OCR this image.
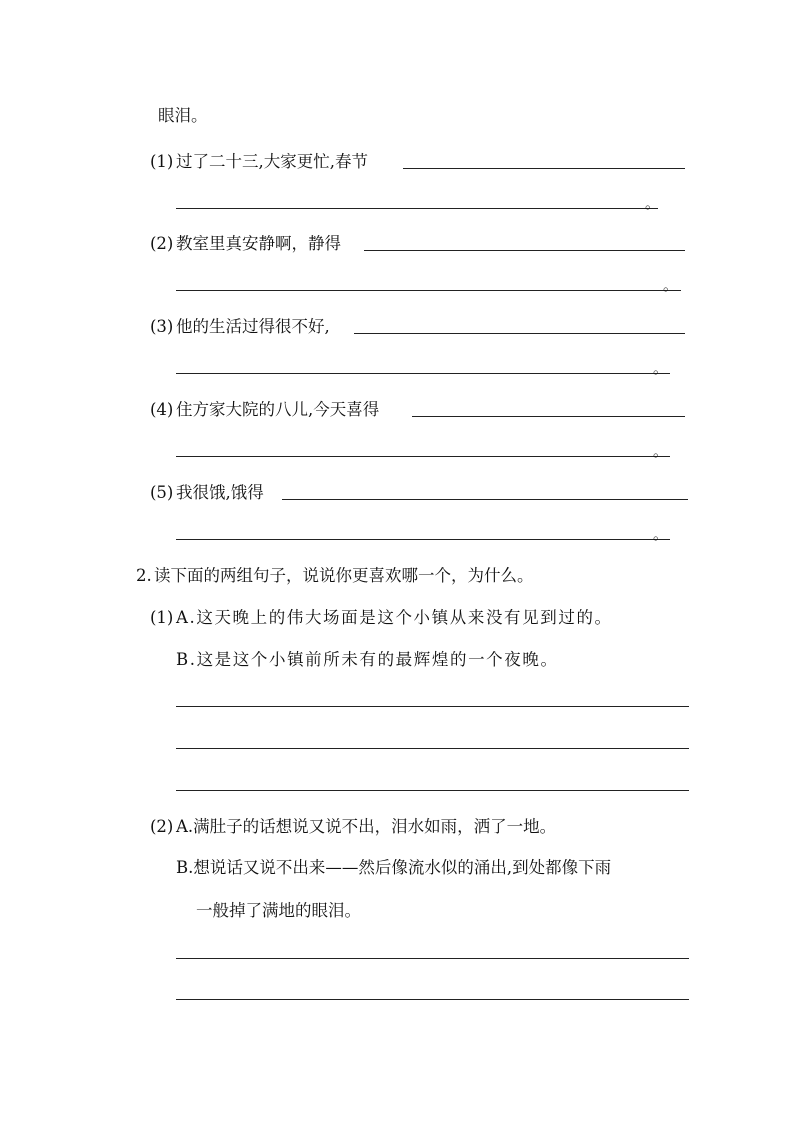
眼泪。

(1) 过了二十三,大家更忙,春节

。

(2) 教室里真安静啊，静得

。

(3) 他的生活过得很不好,

。

(4) 住方家大院的八儿,今天喜得

。

(5) 我很饿,饿得

。

2. 读下面的两组句子，说说你更喜欢哪一个，为什么。

(1) A.这天晚上的伟大场面是这个小镇从来没有见到过的。

B.这是这个小镇前所未有的最辉煌的一个夜晚。

(2) A.满肚子的话想说又说不出，泪水如雨，洒了一地。

B.想说话又说不出来——然后像流水似的涌出,到处都像下雨

一般掉了满地的眼泪。
